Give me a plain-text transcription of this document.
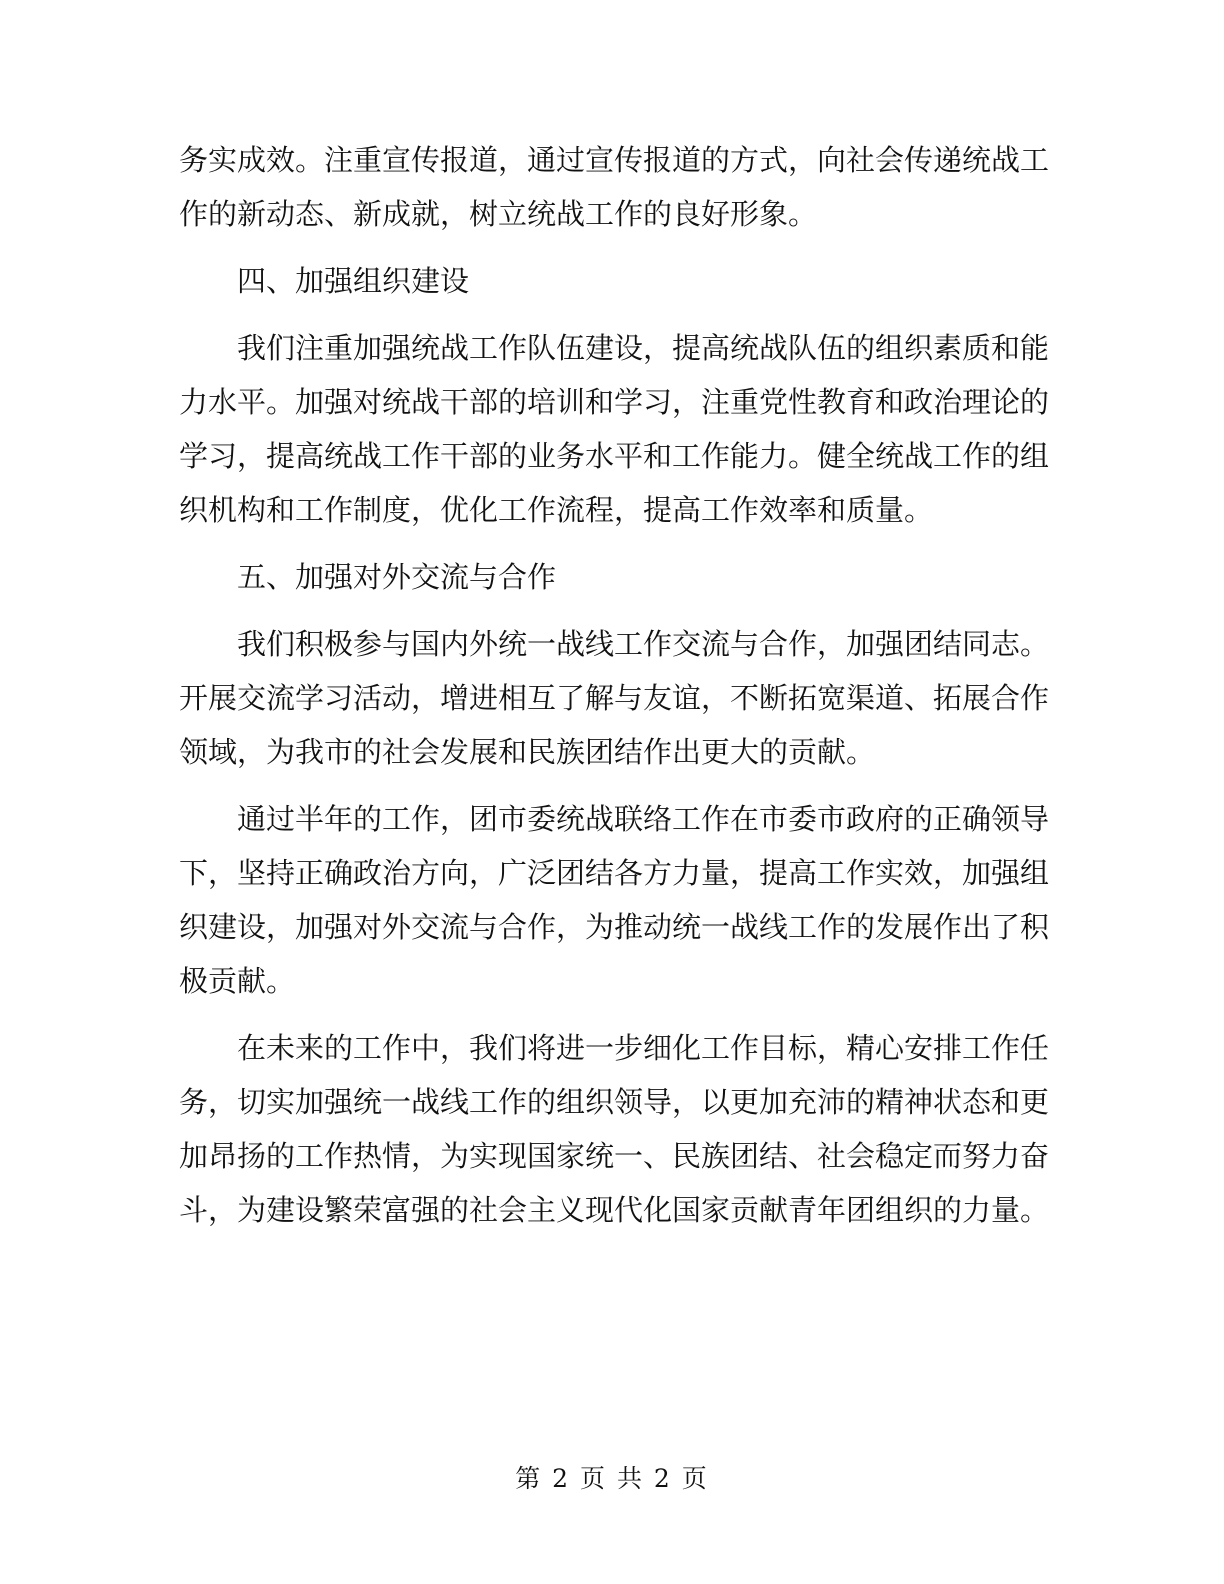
务实成效。注重宣传报道，通过宣传报道的方式，向社会传递统战工
作的新动态、新成就，树立统战工作的良好形象。

四、加强组织建设

我们注重加强统战工作队伍建设，提高统战队伍的组织素质和能
力水平。加强对统战干部的培训和学习，注重党性教育和政治理论的
学习，提高统战工作干部的业务水平和工作能力。健全统战工作的组
织机构和工作制度，优化工作流程，提高工作效率和质量。

五、加强对外交流与合作

我们积极参与国内外统一战线工作交流与合作，加强团结同志。
开展交流学习活动，增进相互了解与友谊，不断拓宽渠道、拓展合作
领域，为我市的社会发展和民族团结作出更大的贡献。

通过半年的工作，团市委统战联络工作在市委市政府的正确领导
下，坚持正确政治方向，广泛团结各方力量，提高工作实效，加强组
织建设，加强对外交流与合作，为推动统一战线工作的发展作出了积
极贡献。

在未来的工作中，我们将进一步细化工作目标，精心安排工作任
务，切实加强统一战线工作的组织领导，以更加充沛的精神状态和更
加昂扬的工作热情，为实现国家统一、民族团结、社会稳定而努力奋
斗，为建设繁荣富强的社会主义现代化国家贡献青年团组织的力量。

第 2 页 共 2 页
